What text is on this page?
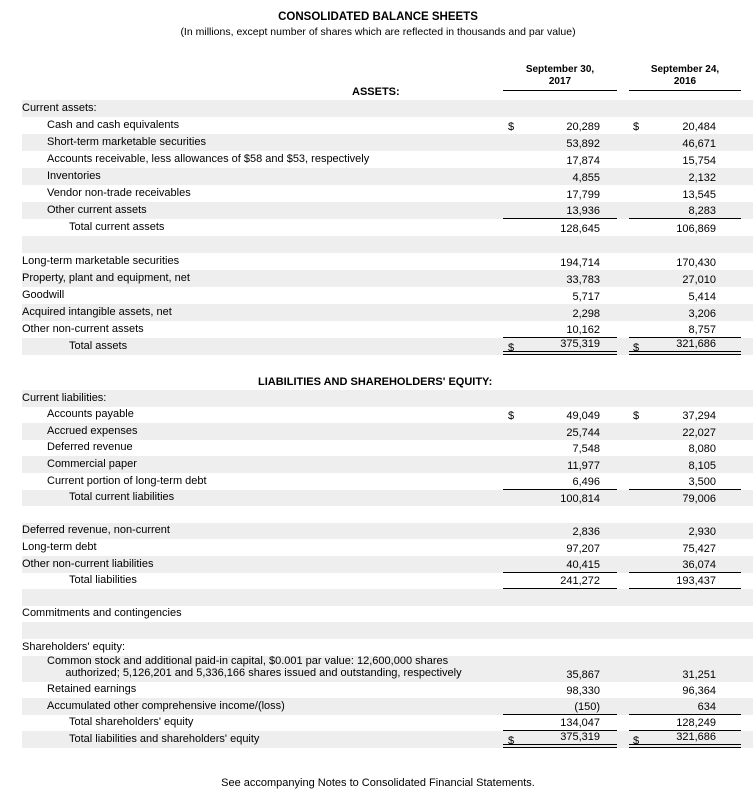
CONSOLIDATED BALANCE SHEETS
(In millions, except number of shares which are reflected in thousands and par value)
September 30,
2017
September 24,
2016
ASSETS:
Current assets:
Cash and cash equivalents	$	$
20,289	20,484
Short-term marketable securities	53,892	46,671
Accounts receivable, less allowances of $58 and $53, respectively	17,874	15,754
Inventories	4,855	2,132
Vendor non-trade receivables	17,799	13,545
Other current assets	13,936	8,283
Total current assets	128,645	106,869
Long-term marketable securities	194,714	170,430
Property, plant and equipment, net	33,783	27,010
Goodwill	5,717	5,414
Acquired intangible assets, net	2,298	3,206
Other non-current assets	10,162	8,757
Total assets	$	$
375,319	321,686
LIABILITIES AND SHAREHOLDERS' EQUITY:
Current liabilities:
Accounts payable	$	$
49,049	37,294
Accrued expenses	25,744	22,027
Deferred revenue	7,548	8,080
Commercial paper	11,977	8,105
Current portion of long-term debt	6,496	3,500
Total current liabilities	100,814	79,006
Deferred revenue, non-current	2,836	2,930
Long-term debt	97,207	75,427
Other non-current liabilities	40,415	36,074
Total liabilities	241,272	193,437
Commitments and contingencies
Shareholders' equity:
Common stock and additional paid-in capital, $0.001 par value: 12,600,000 shares
authorized; 5,126,201 and 5,336,166 shares issued and outstanding, respectively	35,867	31,251
Retained earnings	98,330	96,364
Accumulated other comprehensive income/(loss)	(150)	634
Total shareholders' equity	134,047	128,249
Total liabilities and shareholders' equity	$	$
375,319	321,686
See accompanying Notes to Consolidated Financial Statements.
